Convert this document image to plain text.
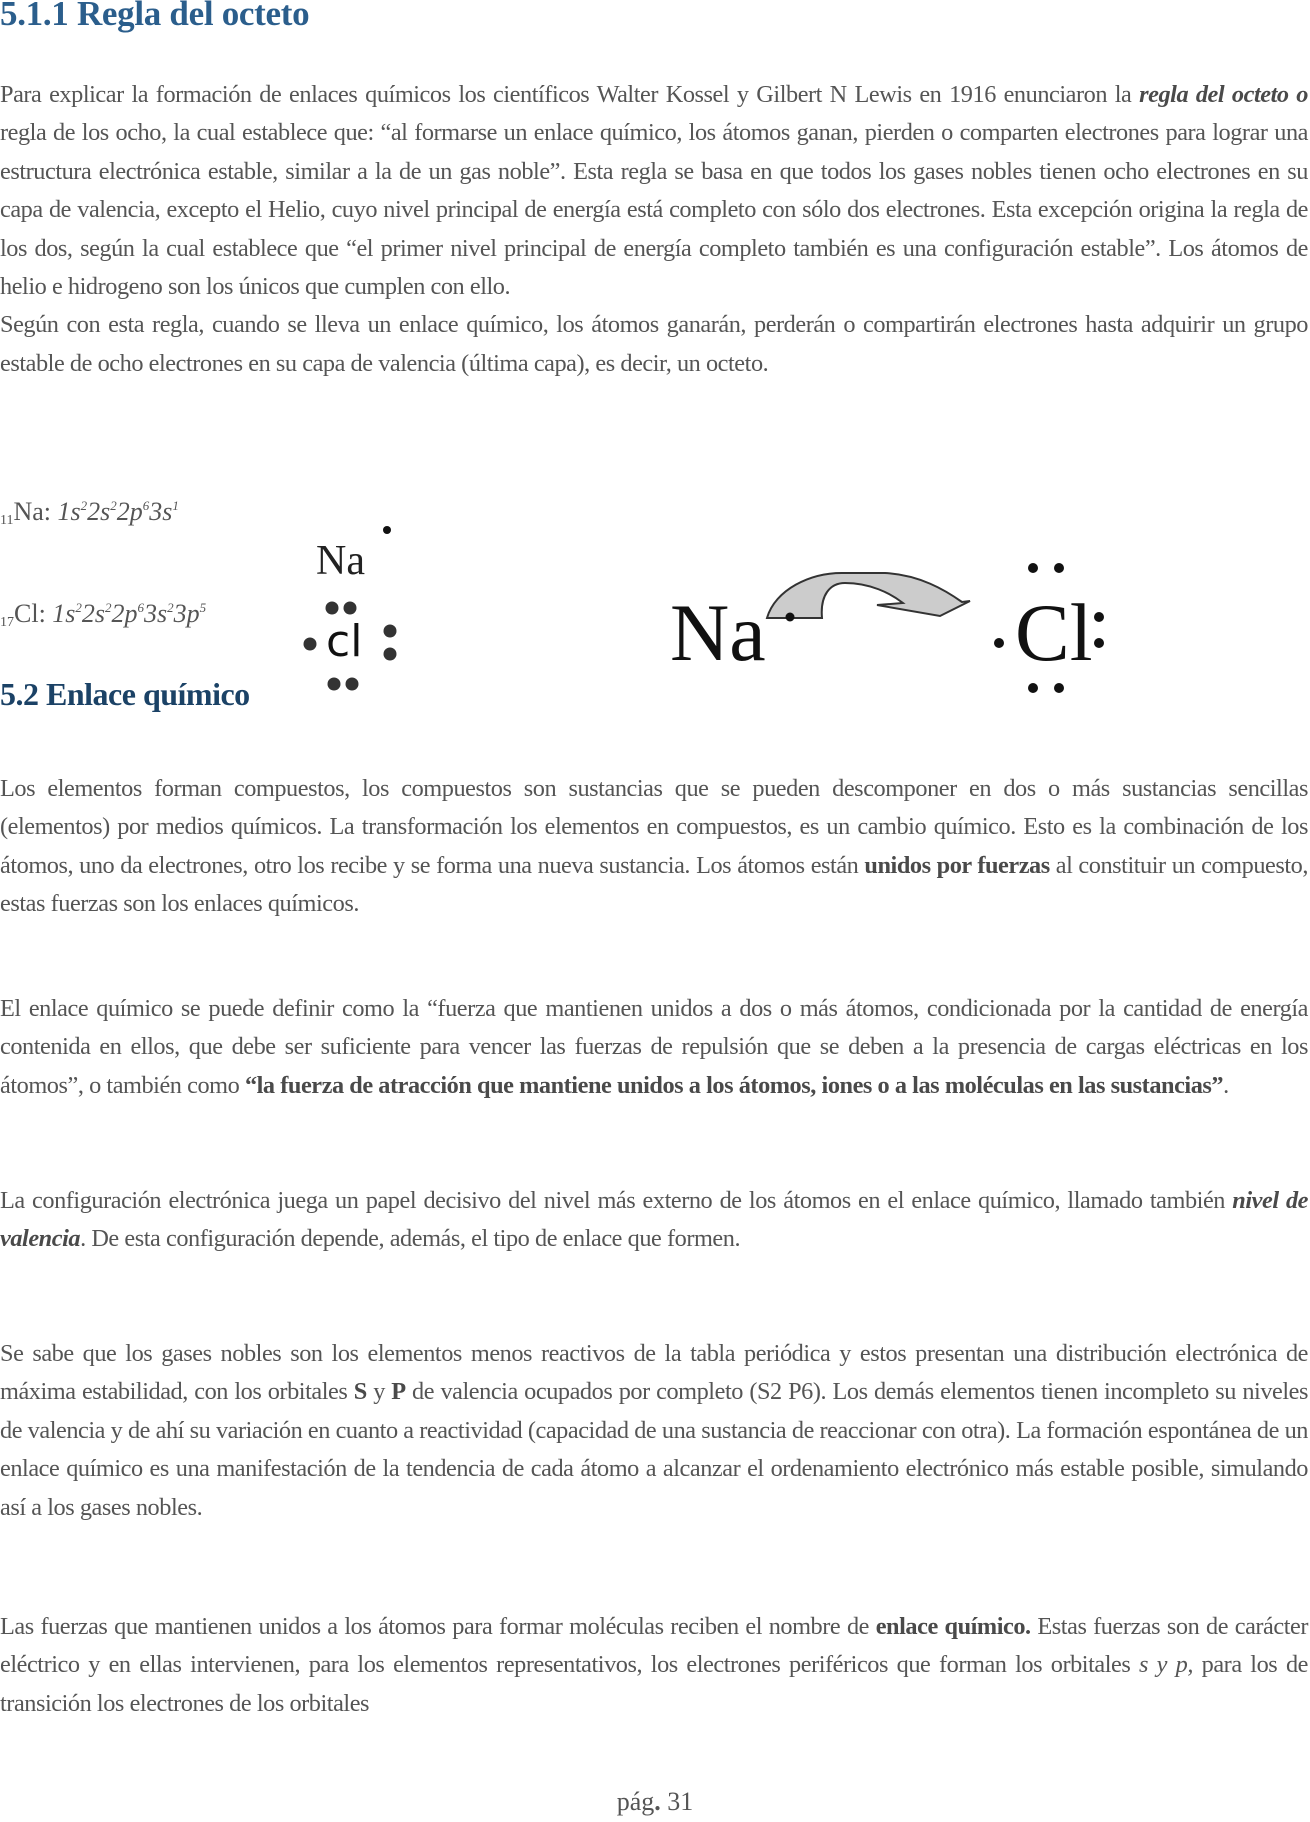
5.1.1 Regla del octeto

Para explicar la formación de enlaces químicos los científicos Walter Kossel y Gilbert N Lewis en 1916 enunciaron la regla del octeto o regla de los ocho, la cual establece que: “al formarse un enlace químico, los átomos ganan, pierden o comparten electrones para lograr una estructura electrónica estable, similar a la de un gas noble”. Esta regla se basa en que todos los gases nobles tienen ocho electrones en su capa de valencia, excepto el Helio, cuyo nivel principal de energía está completo con sólo dos electrones. Esta excepción origina la regla de los dos, según la cual establece que “el primer nivel principal de energía completo también es una configuración estable”. Los átomos de helio e hidrogeno son los únicos que cumplen con ello.
Según con esta regla, cuando se lleva un enlace químico, los átomos ganarán, perderán o compartirán electrones hasta adquirir un grupo estable de ocho electrones en su capa de valencia (última capa), es decir, un octeto.

$_{11}$Na: $1s^22s^22p^63s^1$
$_{17}$Cl: $1s^22s^22p^63s^23p^5$
Na
cl	Na	Cl
5.2 Enlace químico

Los elementos forman compuestos, los compuestos son sustancias que se pueden descomponer en dos o más sustancias sencillas (elementos) por medios químicos. La transformación los elementos en compuestos, es un cambio químico. Esto es la combinación de los átomos, uno da electrones, otro los recibe y se forma una nueva sustancia. Los átomos están unidos por fuerzas al constituir un compuesto, estas fuerzas son los enlaces químicos.

El enlace químico se puede definir como la “fuerza que mantienen unidos a dos o más átomos, condicionada por la cantidad de energía contenida en ellos, que debe ser suficiente para vencer las fuerzas de repulsión que se deben a la presencia de cargas eléctricas en los átomos”, o también como “la fuerza de atracción que mantiene unidos a los átomos, iones o a las moléculas en las sustancias”.

La configuración electrónica juega un papel decisivo del nivel más externo de los átomos en el enlace químico, llamado también nivel de valencia. De esta configuración depende, además, el tipo de enlace que formen.

Se sabe que los gases nobles son los elementos menos reactivos de la tabla periódica y estos presentan una distribución electrónica de máxima estabilidad, con los orbitales S y P de valencia ocupados por completo (S2 P6). Los demás elementos tienen incompleto su niveles de valencia y de ahí su variación en cuanto a reactividad (capacidad de una sustancia de reaccionar con otra). La formación espontánea de un enlace químico es una manifestación de la tendencia de cada átomo a alcanzar el ordenamiento electrónico más estable posible, simulando así a los gases nobles.

Las fuerzas que mantienen unidos a los átomos para formar moléculas reciben el nombre de enlace químico. Estas fuerzas son de carácter eléctrico y en ellas intervienen, para los elementos representativos, los electrones periféricos que forman los orbitales s y p, para los de transición los electrones de los orbitales

pág. 31
